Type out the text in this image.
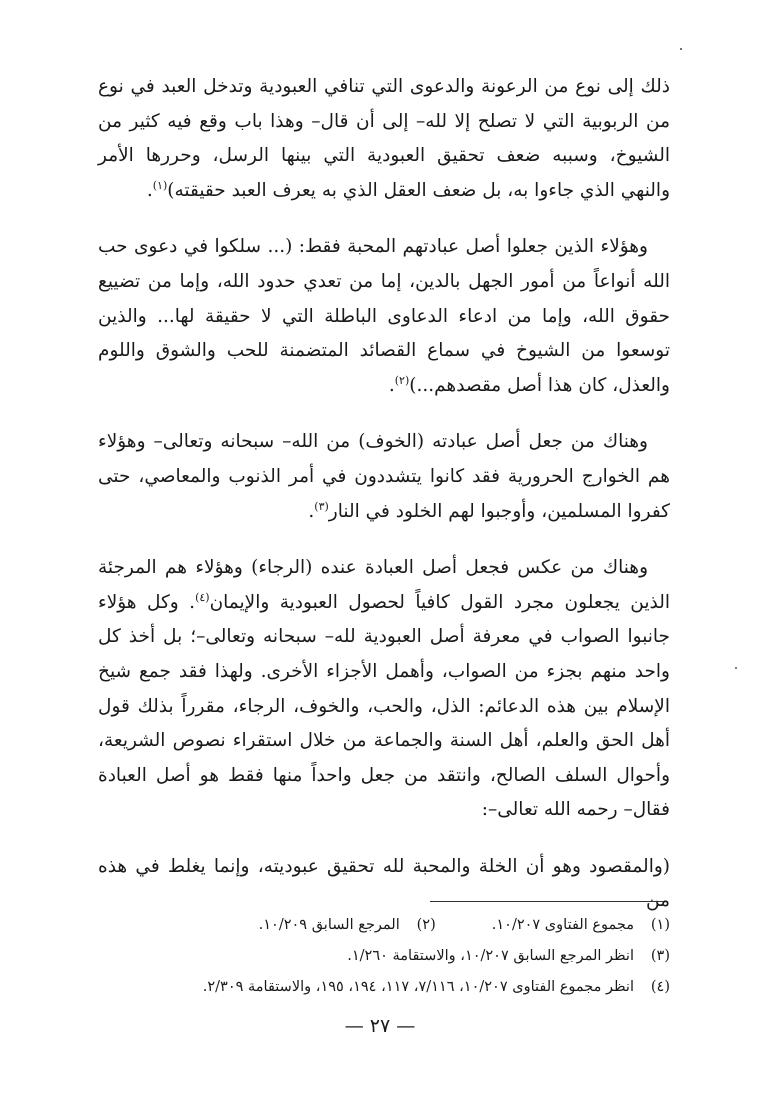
ذلك إلى نوع من الرعونة والدعوى التي تنافي العبودية وتدخل العبد في نوع من الربوبية التي لا تصلح إلا لله– إلى أن قال– وهذا باب وقع فيه كثير من الشيوخ، وسببه ضعف تحقيق العبودية التي بينها الرسل، وحررها الأمر والنهي الذي جاءوا به، بل ضعف العقل الذي به يعرف العبد حقيقته)$^{(١)}$.

وهؤلاء الذين جعلوا أصل عبادتهم المحبة فقط: (... سلكوا في دعوى حب الله أنواعاً من أمور الجهل بالدين، إما من تعدي حدود الله، وإما من تضييع حقوق الله، وإما من ادعاء الدعاوى الباطلة التي لا حقيقة لها... والذين توسعوا من الشيوخ في سماع القصائد المتضمنة للحب والشوق واللوم والعذل، كان هذا أصل مقصدهم...)$^{(٢)}$.

وهناك من جعل أصل عبادته (الخوف) من الله– سبحانه وتعالى– وهؤلاء هم الخوارج الحرورية فقد كانوا يتشددون في أمر الذنوب والمعاصي، حتى كفروا المسلمين، وأوجبوا لهم الخلود في النار$^{(٣)}$.

وهناك من عكس فجعل أصل العبادة عنده (الرجاء) وهؤلاء هم المرجئة الذين يجعلون مجرد القول كافياً لحصول العبودية والإيمان$^{(٤)}$. وكل هؤلاء جانبوا الصواب في معرفة أصل العبودية لله– سبحانه وتعالى–؛ بل أخذ كل واحد منهم بجزء من الصواب، وأهمل الأجزاء الأخرى. ولهذا فقد جمع شيخ الإسلام بين هذه الدعائم: الذل، والحب، والخوف، الرجاء، مقرراً بذلك قول أهل الحق والعلم، أهل السنة والجماعة من خلال استقراء نصوص الشريعة، وأحوال السلف الصالح، وانتقد من جعل واحداً منها فقط هو أصل العبادة فقال– رحمه الله تعالى–:

(والمقصود وهو أن الخلة والمحبة لله تحقيق عبوديته، وإنما يغلط في هذه من

(١)
مجموع الفتاوى ١٠/٢٠٧.
(٢)
المرجع السابق ١٠/٢٠٩.
(٣)
انظر المرجع السابق ١٠/٢٠٧، والاستقامة ١/٢٦٠.
(٤)
انظر مجموع الفتاوى ١٠/٢٠٧، ٧/١١٦، ١١٧، ١٩٤، ١٩٥، والاستقامة ٢/٣٠٩.
— ٢٧ —
